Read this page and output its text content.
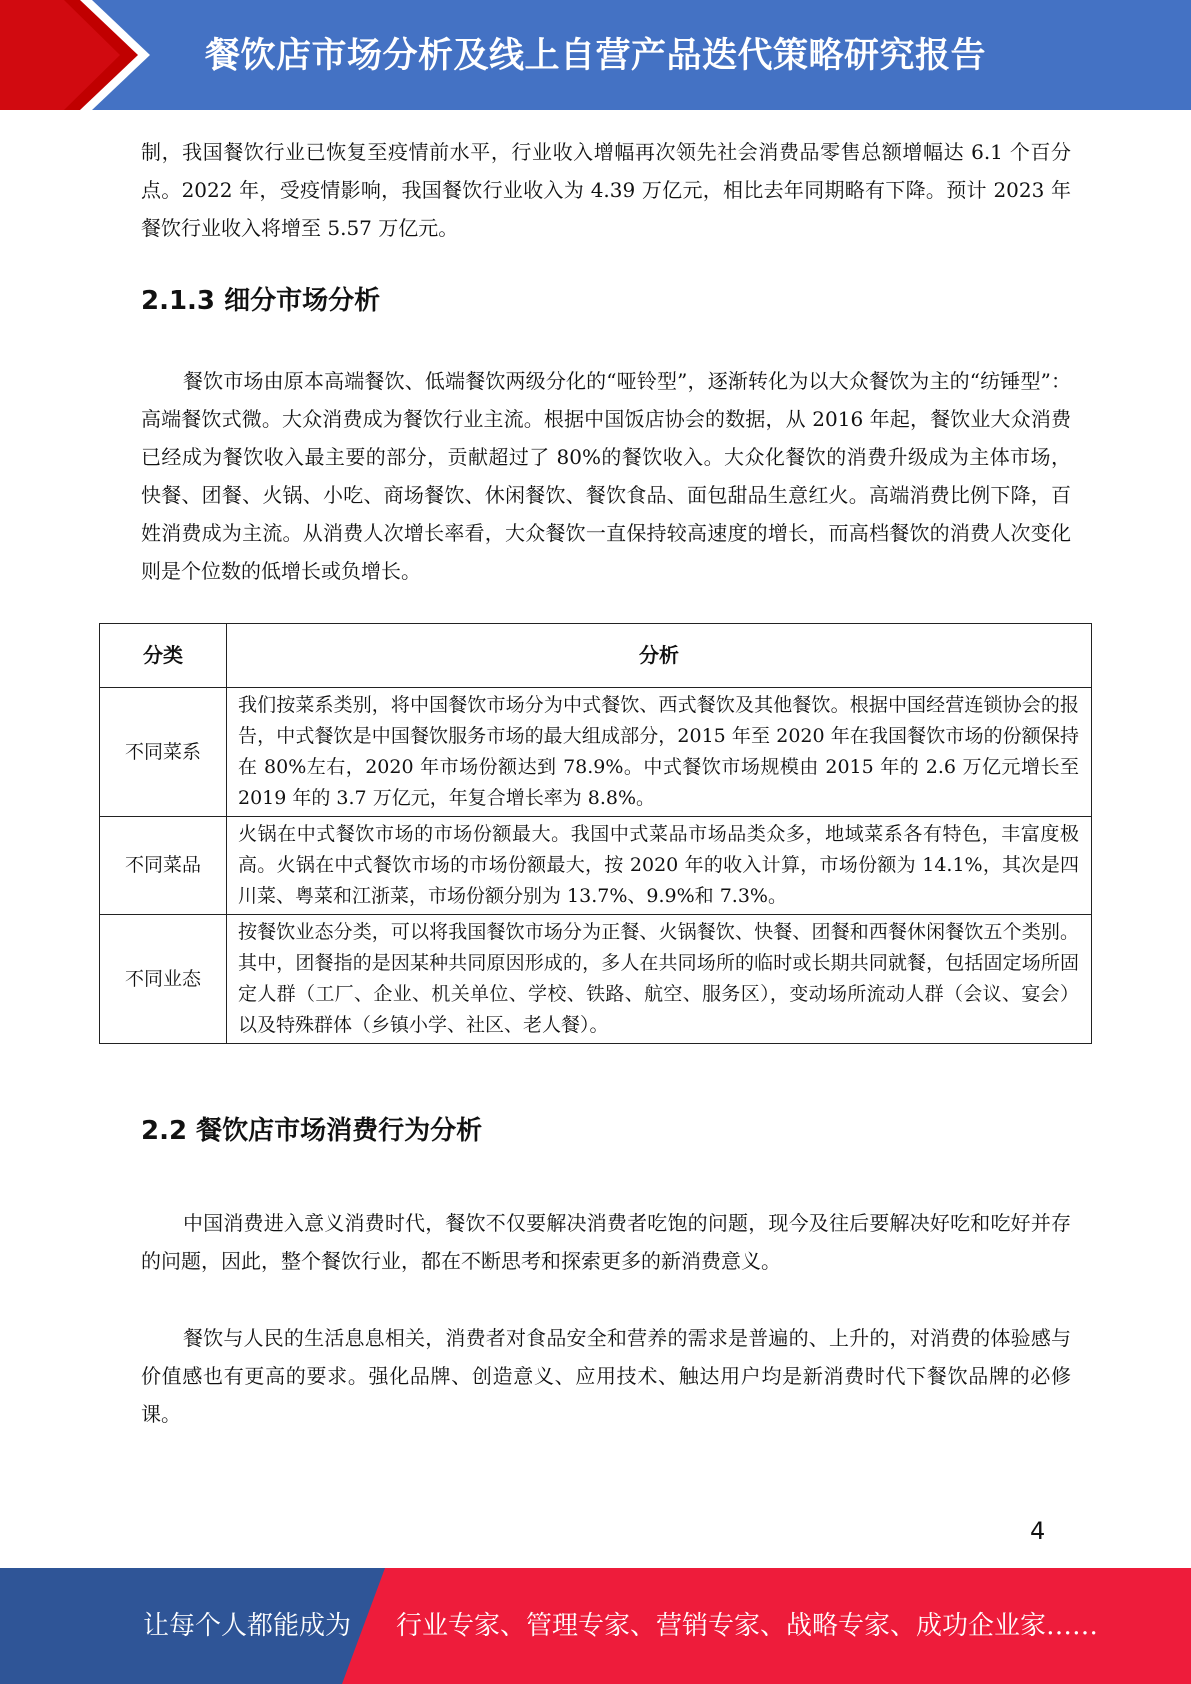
餐饮店市场分析及线上自营产品迭代策略研究报告
制，我国餐饮行业已恢复至疫情前水平，行业收入增幅再次领先社会消费品零售总额增幅达 6.1 个百分点。2022 年，受疫情影响，我国餐饮行业收入为 4.39 万亿元，相比去年同期略有下降。预计 2023 年餐饮行业收入将增至 5.57 万亿元。
2.1.3 细分市场分析
餐饮市场由原本高端餐饮、低端餐饮两级分化的“哑铃型”，逐渐转化为以大众餐饮为主的“纺锤型”：高端餐饮式微。大众消费成为餐饮行业主流。根据中国饭店协会的数据，从 2016 年起，餐饮业大众消费已经成为餐饮收入最主要的部分，贡献超过了 80%的餐饮收入。大众化餐饮的消费升级成为主体市场，快餐、团餐、火锅、小吃、商场餐饮、休闲餐饮、餐饮食品、面包甜品生意红火。高端消费比例下降，百姓消费成为主流。从消费人次增长率看，大众餐饮一直保持较高速度的增长，而高档餐饮的消费人次变化则是个位数的低增长或负增长。
分类	分析
不同菜系	我们按菜系类别，将中国餐饮市场分为中式餐饮、西式餐饮及其他餐饮。根据中国经营连锁协会的报告，中式餐饮是中国餐饮服务市场的最大组成部分，2015 年至 2020 年在我国餐饮市场的份额保持在 80%左右，2020 年市场份额达到 78.9%。中式餐饮市场规模由 2015 年的 2.6 万亿元增长至 2019 年的 3.7 万亿元，年复合增长率为 8.8%。
不同菜品	火锅在中式餐饮市场的市场份额最大。我国中式菜品市场品类众多，地域菜系各有特色，丰富度极高。火锅在中式餐饮市场的市场份额最大，按 2020 年的收入计算，市场份额为 14.1%，其次是四川菜、粤菜和江浙菜，市场份额分别为 13.7%、9.9%和 7.3%。
不同业态	按餐饮业态分类，可以将我国餐饮市场分为正餐、火锅餐饮、快餐、团餐和西餐休闲餐饮五个类别。其中，团餐指的是因某种共同原因形成的，多人在共同场所的临时或长期共同就餐，包括固定场所固定人群（工厂、企业、机关单位、学校、铁路、航空、服务区），变动场所流动人群（会议、宴会）以及特殊群体（乡镇小学、社区、老人餐）。
2.2 餐饮店市场消费行为分析
中国消费进入意义消费时代，餐饮不仅要解决消费者吃饱的问题，现今及往后要解决好吃和吃好并存的问题，因此，整个餐饮行业，都在不断思考和探索更多的新消费意义。
餐饮与人民的生活息息相关，消费者对食品安全和营养的需求是普遍的、上升的，对消费的体验感与价值感也有更高的要求。强化品牌、创造意义、应用技术、触达用户均是新消费时代下餐饮品牌的必修课。
4
让每个人都能成为 行业专家、管理专家、营销专家、战略专家、成功企业家……
